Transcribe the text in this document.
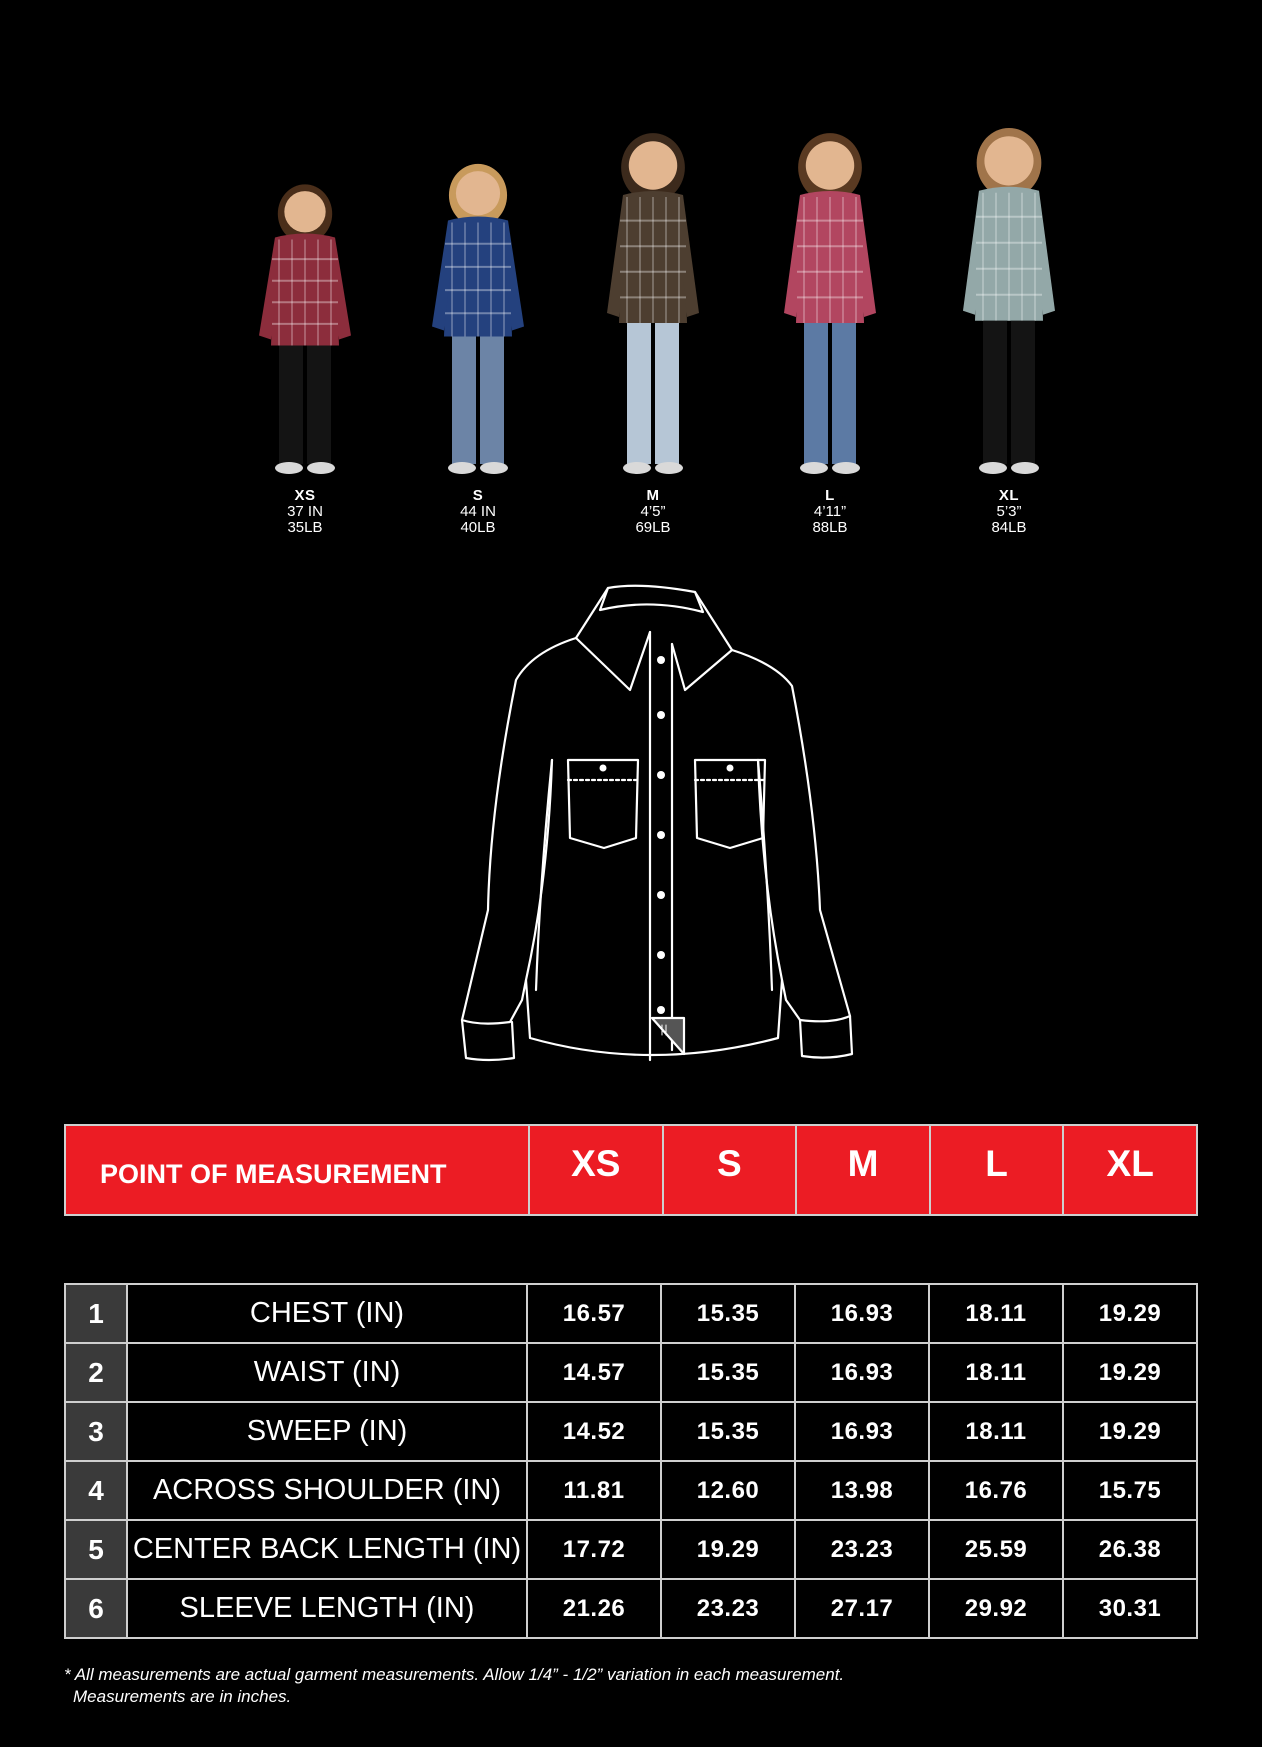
XS
37 IN
35LB
S
44 IN
40LB
M
4’5”
69LB
L
4’11”
88LB
XL
5’3”
84LB
POINT OF MEASUREMENT	XS	S	M	L	XL
1	CHEST (IN)	16.57	15.35	16.93	18.11	19.29
2	WAIST (IN)	14.57	15.35	16.93	18.11	19.29
3	SWEEP (IN)	14.52	15.35	16.93	18.11	19.29
4	ACROSS SHOULDER (IN)	11.81	12.60	13.98	16.76	15.75
5	CENTER BACK LENGTH (IN)	17.72	19.29	23.23	25.59	26.38
6	SLEEVE LENGTH (IN)	21.26	23.23	27.17	29.92	30.31
* All measurements are actual garment measurements. Allow 1/4” - 1/2” variation in each measurement.
Measurements are in inches.
